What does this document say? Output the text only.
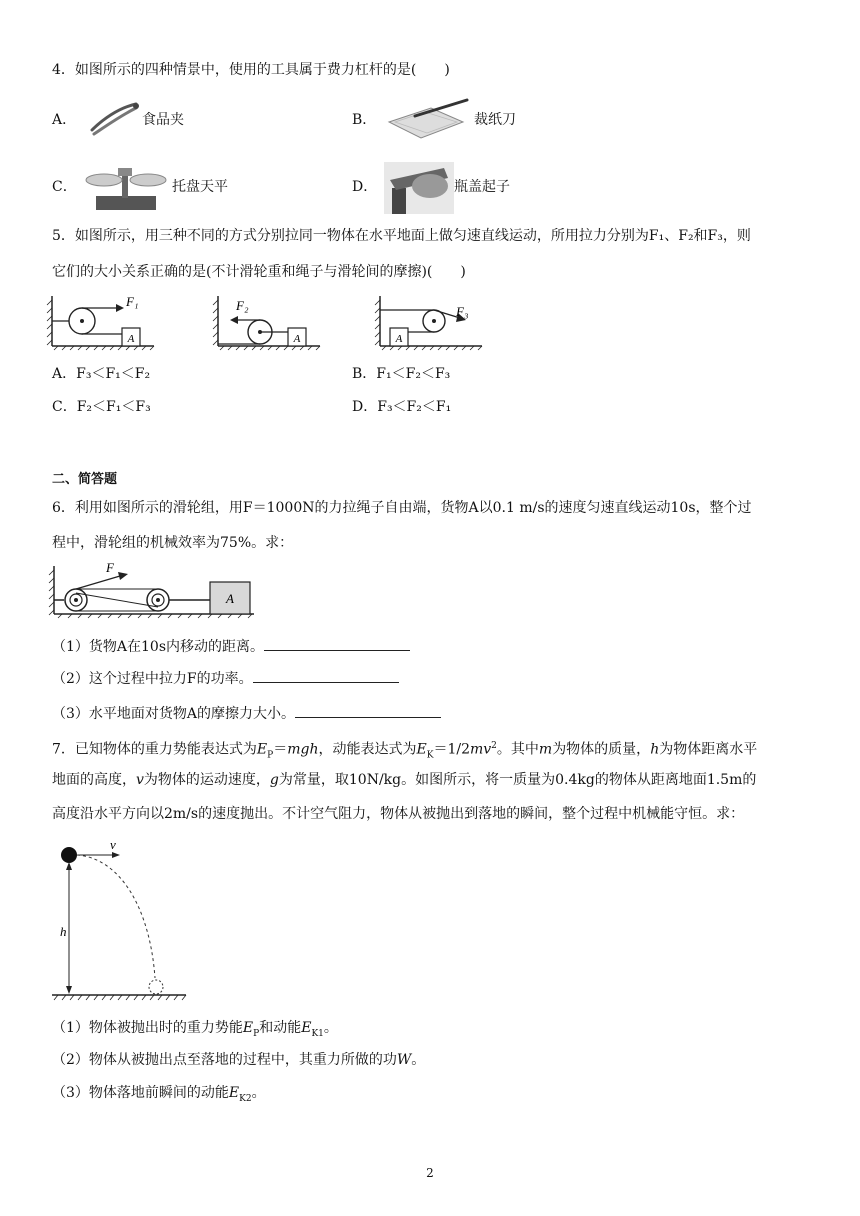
4．如图所示的四种情景中，使用的工具属于费力杠杆的是(　　)
A．	食品夹	B．	裁纸刀
C．	托盘天平	D．	瓶盖起子
5．如图所示，用三种不同的方式分别拉同一物体在水平地面上做匀速直线运动，所用拉力分别为F₁、F₂和F₃，则
它们的大小关系正确的是(不计滑轮重和绳子与滑轮间的摩擦)(　　)
A
F₁
A
F₂
A
F₃
A．F₃＜F₁＜F₂	B．F₁＜F₂＜F₃
C．F₂＜F₁＜F₃	D．F₃＜F₂＜F₁
二、简答题
6．利用如图所示的滑轮组，用F＝1000N的力拉绳子自由端，货物A以0.1 m/s的速度匀速直线运动10s，整个过
程中，滑轮组的机械效率为75%。求：
F
A
（1）货物A在10s内移动的距离。
（2）这个过程中拉力F的功率。
（3）水平地面对货物A的摩擦力大小。
7．已知物体的重力势能表达式为$E_P=mgh$，动能表达式为$E_K=1/2mv^2$。其中m为物体的质量，h为物体距离水平
地面的高度，v为物体的运动速度，g为常量，取10N/kg。如图所示，将一质量为0.4kg的物体从距离地面1.5m的
高度沿水平方向以2m/s的速度抛出。不计空气阻力，物体从被抛出到落地的瞬间，整个过程中机械能守恒。求：
v
h
（1）物体被抛出时的重力势能$E_P$和动能$E_{K1}$。
（2）物体从被抛出点至落地的过程中，其重力所做的功W。
（3）物体落地前瞬间的动能$E_{K2}$。
2
